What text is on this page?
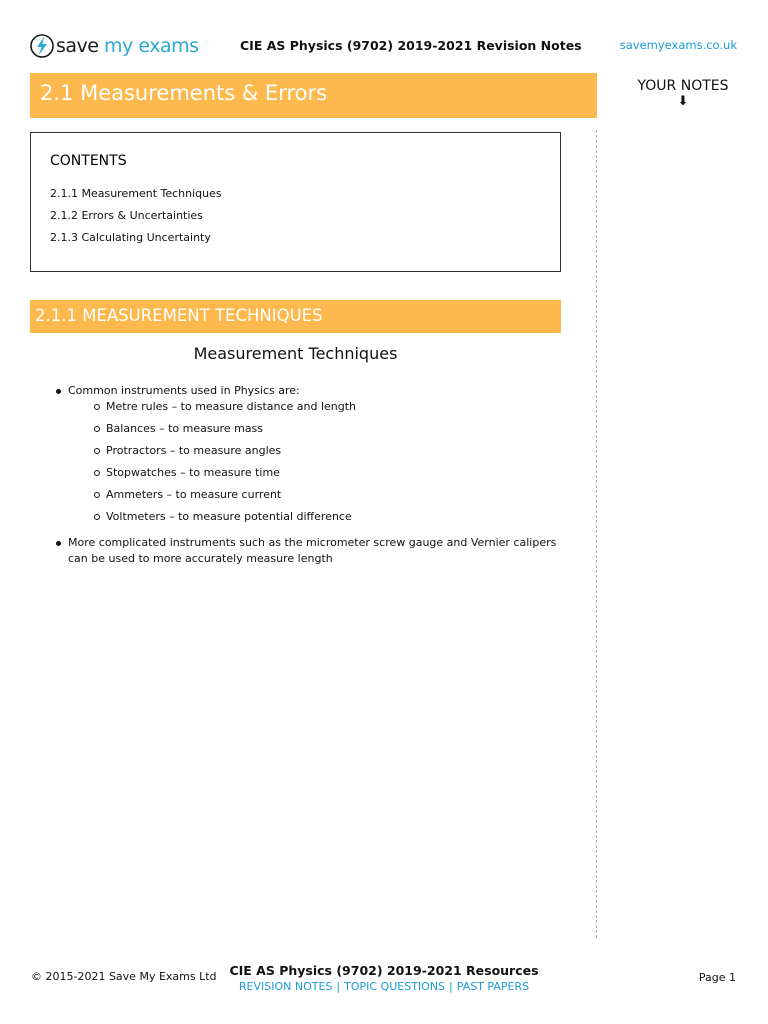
save my exams	CIE AS Physics (9702) 2019-2021 Revision Notes	savemyexams.co.uk
2.1 Measurements & Errors	YOUR NOTES
⬇
CONTENTS
2.1.1 Measurement Techniques
2.1.2 Errors & Uncertainties
2.1.3 Calculating Uncertainty
2.1.1 MEASUREMENT TECHNIQUES
Measurement Techniques
Common instruments used in Physics are:
Metre rules – to measure distance and length
Balances – to measure mass
Protractors – to measure angles
Stopwatches – to measure time
Ammeters – to measure current
Voltmeters – to measure potential difference
More complicated instruments such as the micrometer screw gauge and Vernier calipers can be used to more accurately measure length
© 2015-2021 Save My Exams Ltd	CIE AS Physics (9702) 2019-2021 Resources
REVISION NOTES | TOPIC QUESTIONS | PAST PAPERS
Page 1
